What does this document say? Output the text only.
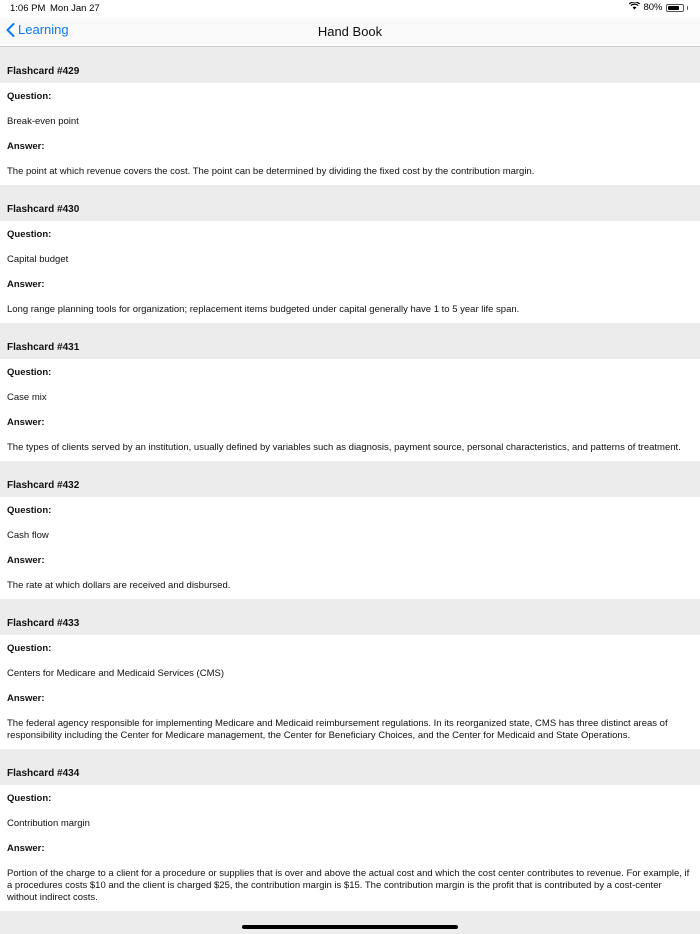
1:06 PM Mon Jan 27	80%
Learning	Hand Book
Flashcard #429
Question:
Break-even point
Answer:
The point at which revenue covers the cost. The point can be determined by dividing the fixed cost by the contribution margin.
Flashcard #430
Question:
Capital budget
Answer:
Long range planning tools for organization; replacement items budgeted under capital generally have 1 to 5 year life span.
Flashcard #431
Question:
Case mix
Answer:
The types of clients served by an institution, usually defined by variables such as diagnosis, payment source, personal characteristics, and patterns of treatment.
Flashcard #432
Question:
Cash flow
Answer:
The rate at which dollars are received and disbursed.
Flashcard #433
Question:
Centers for Medicare and Medicaid Services (CMS)
Answer:
The federal agency responsible for implementing Medicare and Medicaid reimbursement regulations. In its reorganized state, CMS has three distinct areas of responsibility including the Center for Medicare management, the Center for Beneficiary Choices, and the Center for Medicaid and State Operations.
Flashcard #434
Question:
Contribution margin
Answer:
Portion of the charge to a client for a procedure or supplies that is over and above the actual cost and which the cost center contributes to revenue. For example, if a procedures costs $10 and the client is charged $25, the contribution margin is $15. The contribution margin is the profit that is contributed by a cost-center without indirect costs.
